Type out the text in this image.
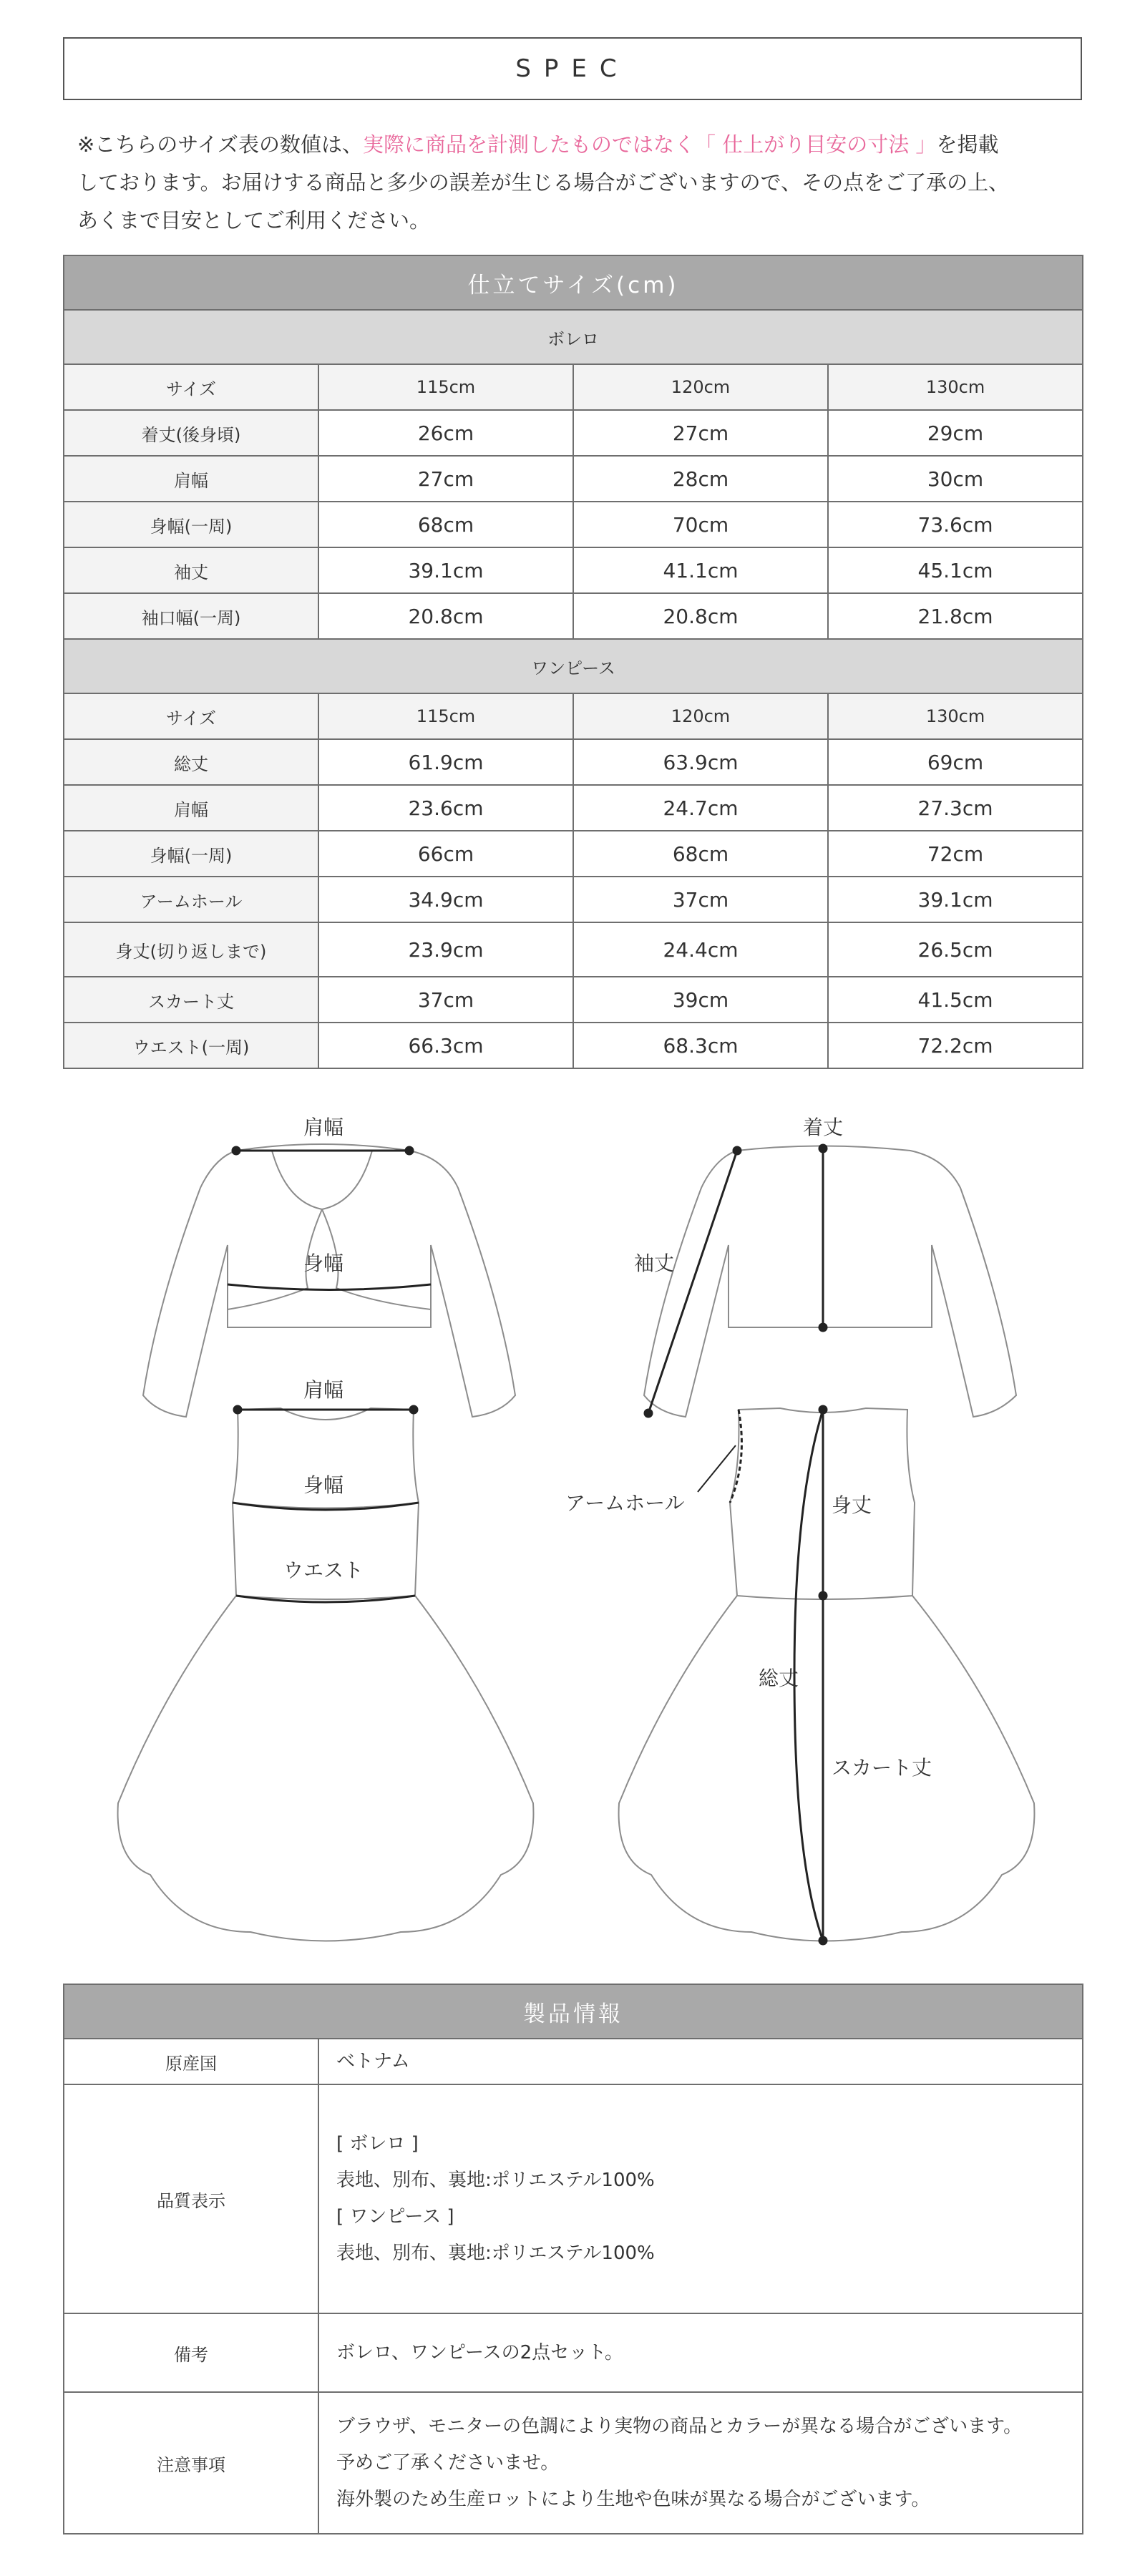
SPEC
※こちらのサイズ表の数値は、実際に商品を計測したものではなく「 仕上がり目安の寸法 」を掲載
しております。お届けする商品と多少の誤差が生じる場合がございますので、その点をご了承の上、
あくまで目安としてご利用ください。
仕立てサイズ(cm)			
ボレロ			
サイズ	115cm	120cm	130cm
着丈(後身頃)	26cm	27cm	29cm
肩幅	27cm	28cm	30cm
身幅(一周)	68cm	70cm	73.6cm
袖丈	39.1cm	41.1cm	45.1cm
袖口幅(一周)	20.8cm	20.8cm	21.8cm
ワンピース			
サイズ	115cm	120cm	130cm
総丈	61.9cm	63.9cm	69cm
肩幅	23.6cm	24.7cm	27.3cm
身幅(一周)	66cm	68cm	72cm
アームホール	34.9cm	37cm	39.1cm
身丈(切り返しまで)	23.9cm	24.4cm	26.5cm
スカート丈	37cm	39cm	41.5cm
ウエスト(一周)	66.3cm	68.3cm	72.2cm
肩幅
身幅
肩幅
身幅
ウエスト
着丈
袖丈
アームホール	身丈
総丈
スカート丈
製品情報	
原産国	ベトナム
品質表示	[ ボレロ ]
表地、別布、裏地:ポリエステル100%
[ ワンピース ]
表地、別布、裏地:ポリエステル100%

備考	ボレロ、ワンピースの2点セット。
注意事項	ブラウザ、モニターの色調により実物の商品とカラーが異なる場合がございます。
予めご了承くださいませ。
海外製のため生産ロットにより生地や色味が異なる場合がございます。
